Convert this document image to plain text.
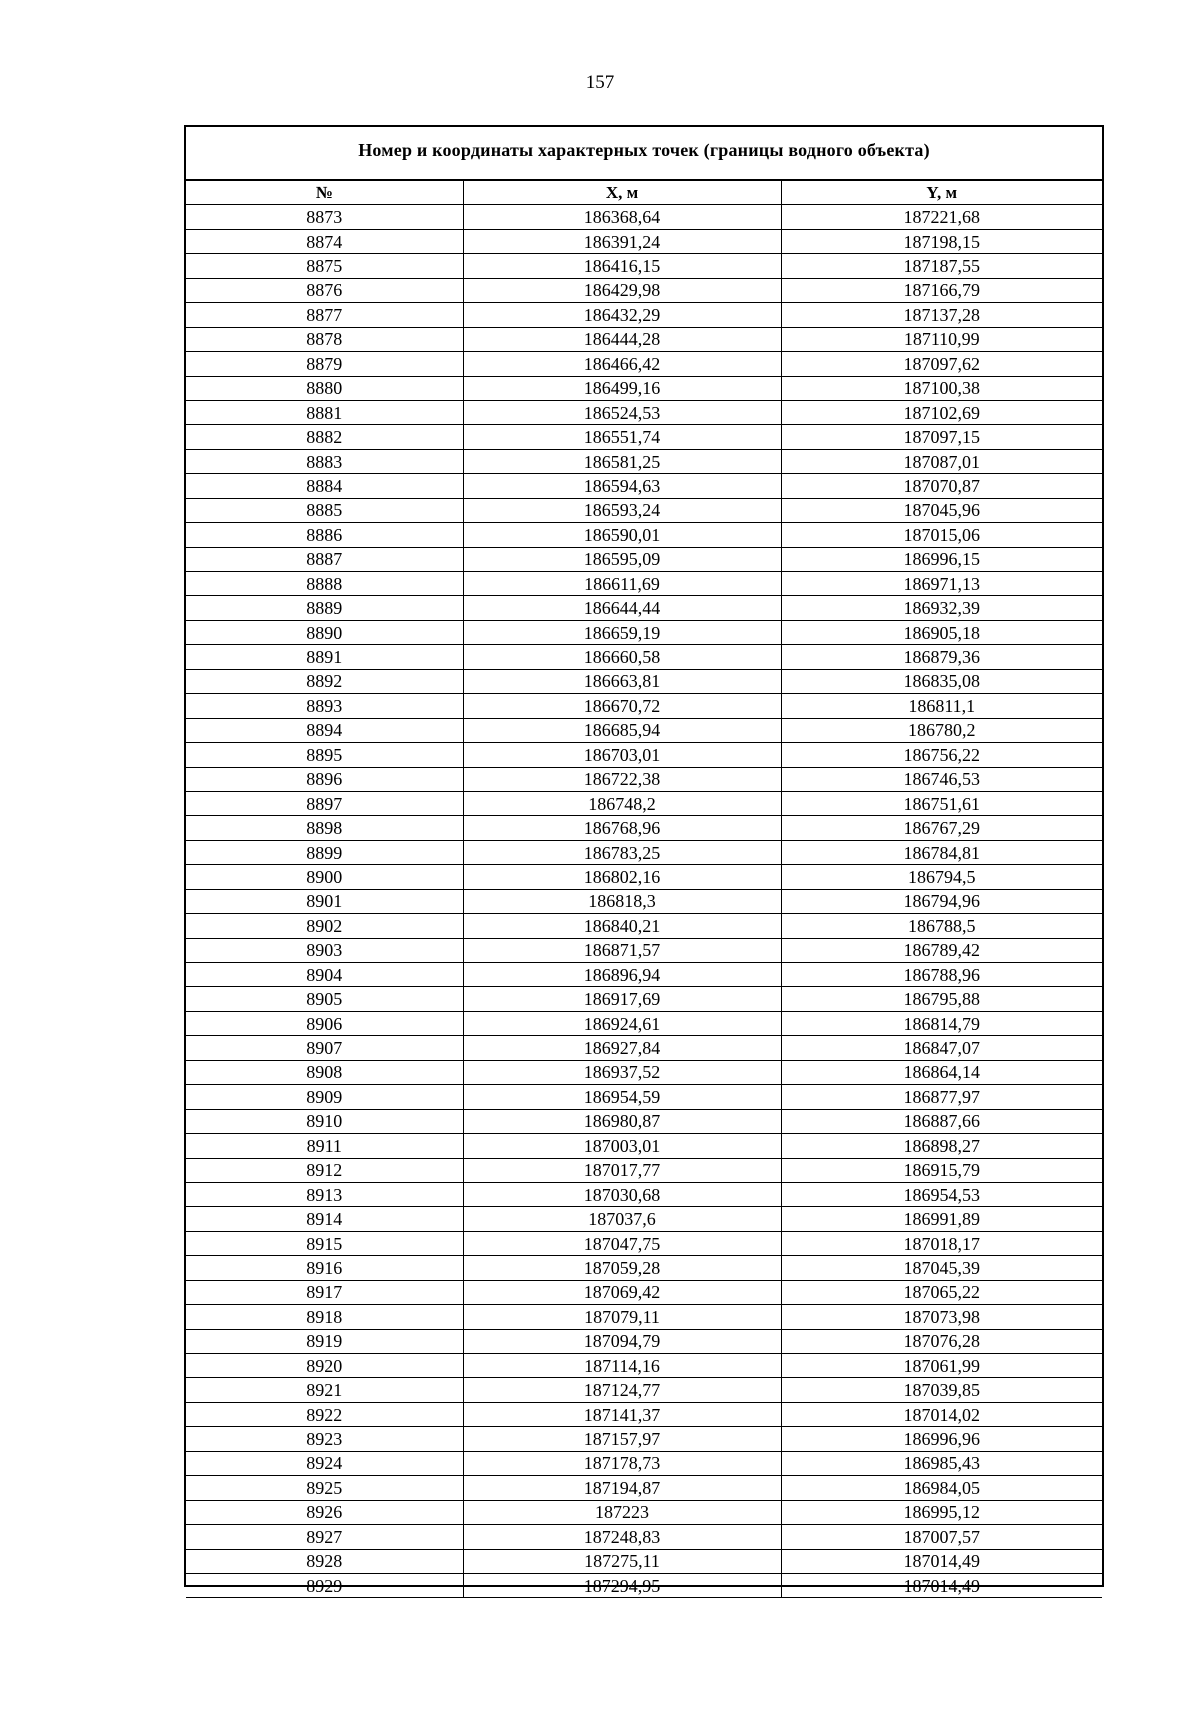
157
Номер и координаты характерных точек (границы водного объекта)
№	X, м	Y, м
8873	186368,64	187221,68
8874	186391,24	187198,15
8875	186416,15	187187,55
8876	186429,98	187166,79
8877	186432,29	187137,28
8878	186444,28	187110,99
8879	186466,42	187097,62
8880	186499,16	187100,38
8881	186524,53	187102,69
8882	186551,74	187097,15
8883	186581,25	187087,01
8884	186594,63	187070,87
8885	186593,24	187045,96
8886	186590,01	187015,06
8887	186595,09	186996,15
8888	186611,69	186971,13
8889	186644,44	186932,39
8890	186659,19	186905,18
8891	186660,58	186879,36
8892	186663,81	186835,08
8893	186670,72	186811,1
8894	186685,94	186780,2
8895	186703,01	186756,22
8896	186722,38	186746,53
8897	186748,2	186751,61
8898	186768,96	186767,29
8899	186783,25	186784,81
8900	186802,16	186794,5
8901	186818,3	186794,96
8902	186840,21	186788,5
8903	186871,57	186789,42
8904	186896,94	186788,96
8905	186917,69	186795,88
8906	186924,61	186814,79
8907	186927,84	186847,07
8908	186937,52	186864,14
8909	186954,59	186877,97
8910	186980,87	186887,66
8911	187003,01	186898,27
8912	187017,77	186915,79
8913	187030,68	186954,53
8914	187037,6	186991,89
8915	187047,75	187018,17
8916	187059,28	187045,39
8917	187069,42	187065,22
8918	187079,11	187073,98
8919	187094,79	187076,28
8920	187114,16	187061,99
8921	187124,77	187039,85
8922	187141,37	187014,02
8923	187157,97	186996,96
8924	187178,73	186985,43
8925	187194,87	186984,05
8926	187223	186995,12
8927	187248,83	187007,57
8928	187275,11	187014,49
8929	187294,95	187014,49
